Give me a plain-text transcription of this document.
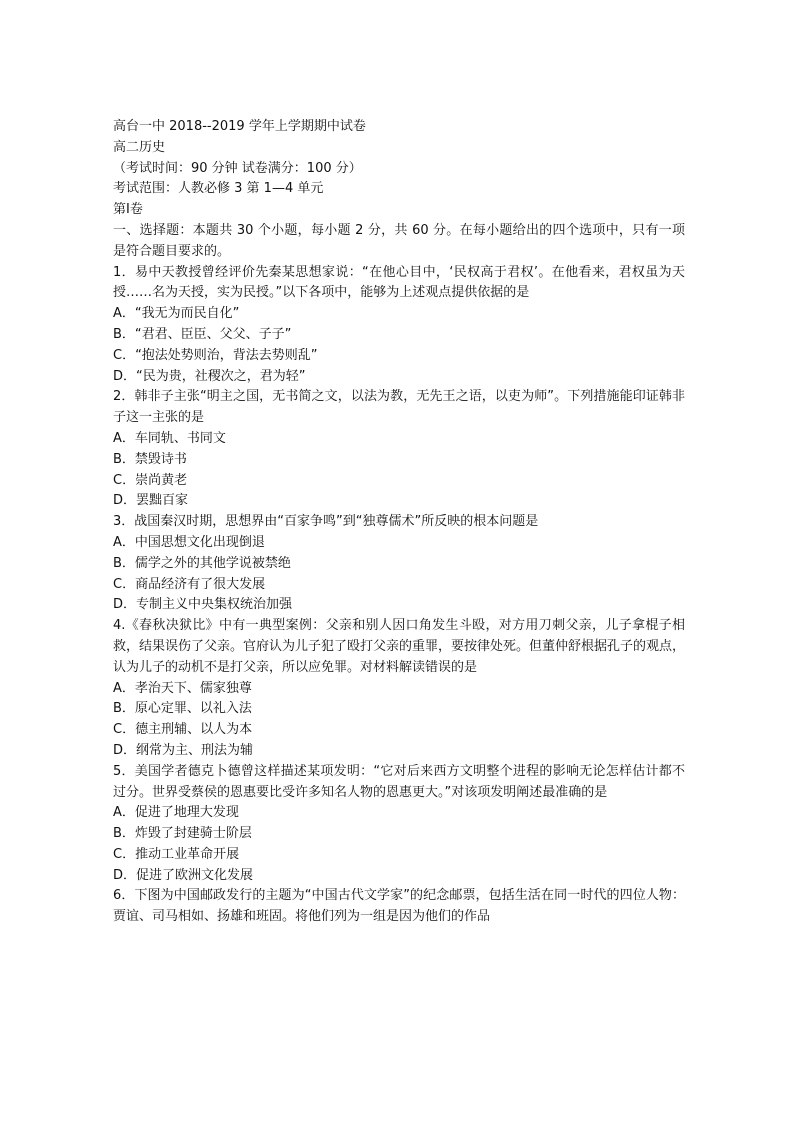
高台一中 2018--2019 学年上学期期中试卷
高二历史
（考试时间：90 分钟 试卷满分：100 分）
考试范围：人教必修 3 第 1—4 单元
第Ⅰ卷
一、选择题：本题共 30 个小题，每小题 2 分，共 60 分。在每小题给出的四个选项中，只有一项是符合题目要求的。
1．易中天教授曾经评价先秦某思想家说：“在他心目中，‘民权高于君权’。在他看来，君权虽为天授……名为天授，实为民授。”以下各项中，能够为上述观点提供依据的是
A．“我无为而民自化”
B．“君君、臣臣、父父、子子”
C．“抱法处势则治，背法去势则乱”
D．“民为贵，社稷次之，君为轻”
2．韩非子主张“明主之国，无书简之文，以法为教，无先王之语，以吏为师”。下列措施能印证韩非子这一主张的是
A．车同轨、书同文
B．禁毁诗书
C．崇尚黄老
D．罢黜百家
3．战国秦汉时期，思想界由“百家争鸣”到“独尊儒术”所反映的根本问题是
A．中国思想文化出现倒退
B．儒学之外的其他学说被禁绝
C．商品经济有了很大发展
D．专制主义中央集权统治加强
4.《春秋决狱比》中有一典型案例：父亲和别人因口角发生斗殴，对方用刀刺父亲，儿子拿棍子相救，结果误伤了父亲。官府认为儿子犯了殴打父亲的重罪，要按律处死。但董仲舒根据孔子的观点，认为儿子的动机不是打父亲，所以应免罪。对材料解读错误的是
A．孝治天下、儒家独尊
B．原心定罪、以礼入法
C．德主刑辅、以人为本
D．纲常为主、刑法为辅
5．美国学者德克卜德曾这样描述某项发明：“它对后来西方文明整个进程的影响无论怎样估计都不过分。世界受蔡侯的恩惠要比受许多知名人物的恩惠更大。”对该项发明阐述最准确的是
A．促进了地理大发现
B．炸毁了封建骑士阶层
C．推动工业革命开展
D．促进了欧洲文化发展
6．下图为中国邮政发行的主题为“中国古代文学家”的纪念邮票，包括生活在同一时代的四位人物：贾谊、司马相如、扬雄和班固。将他们列为一组是因为他们的作品
